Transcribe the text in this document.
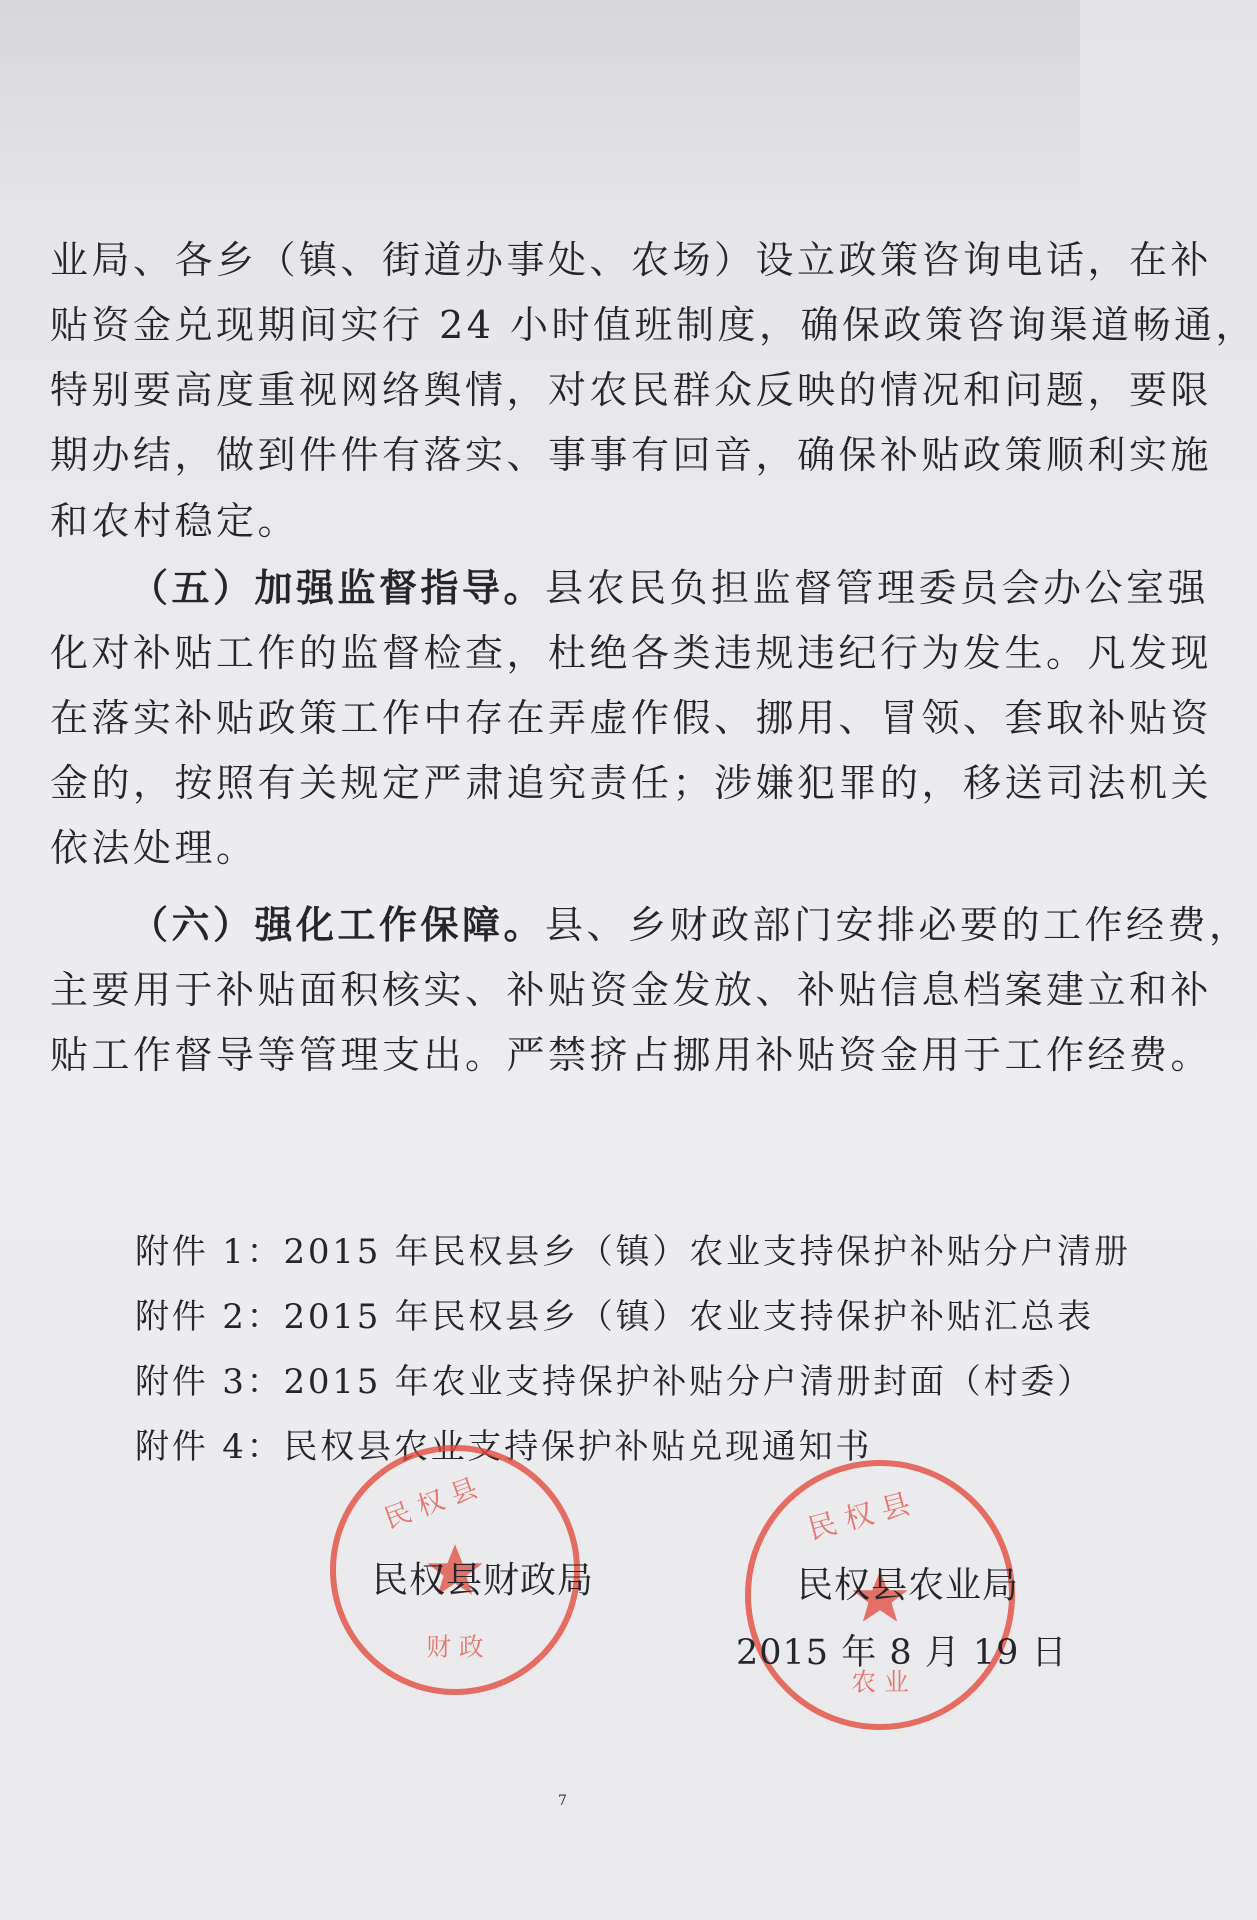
业局、各乡（镇、街道办事处、农场）设立政策咨询电话，在补
贴资金兑现期间实行 24 小时值班制度，确保政策咨询渠道畅通，
特别要高度重视网络舆情，对农民群众反映的情况和问题，要限
期办结，做到件件有落实、事事有回音，确保补贴政策顺利实施
和农村稳定。
（五）加强监督指导。县农民负担监督管理委员会办公室强
化对补贴工作的监督检查，杜绝各类违规违纪行为发生。凡发现
在落实补贴政策工作中存在弄虚作假、挪用、冒领、套取补贴资
金的，按照有关规定严肃追究责任；涉嫌犯罪的，移送司法机关
依法处理。
（六）强化工作保障。县、乡财政部门安排必要的工作经费，
主要用于补贴面积核实、补贴资金发放、补贴信息档案建立和补
贴工作督导等管理支出。严禁挤占挪用补贴资金用于工作经费。
附件 1：2015 年民权县乡（镇）农业支持保护补贴分户清册
附件 2：2015 年民权县乡（镇）农业支持保护补贴汇总表
附件 3：2015 年农业支持保护补贴分户清册封面（村委）
附件 4：民权县农业支持保护补贴兑现通知书
民 权 县
财 政
民 权 县
农 业
民权县财政局	民权县农业局
2015 年 8 月 19 日
7
